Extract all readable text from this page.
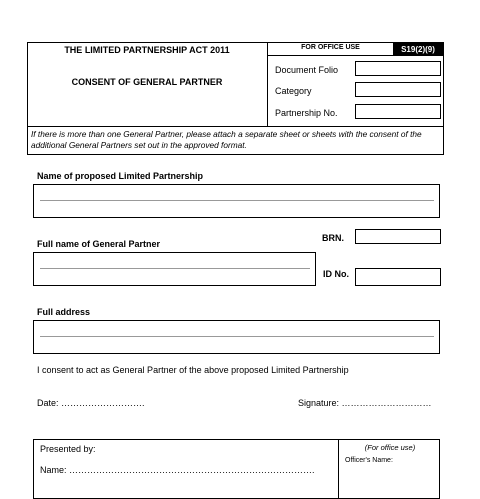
THE LIMITED PARTNERSHIP ACT 2011
CONSENT OF GENERAL PARTNER
FOR OFFICE USE	S19(2)(9)
Document Folio
Category
Partnership No.
If there is more than one General Partner, please attach a separate sheet or sheets with the consent of the additional General Partners set out in the approved format.
Name of proposed Limited Partnership
Full name of General Partner
BRN.
ID No.
Full address
I consent to act as General Partner of the above proposed Limited Partnership
Date: ……………………….	Signature: …………………………
Presented by:
Name: ……………………………………………………………………….
(For office use)
Officer's Name:
